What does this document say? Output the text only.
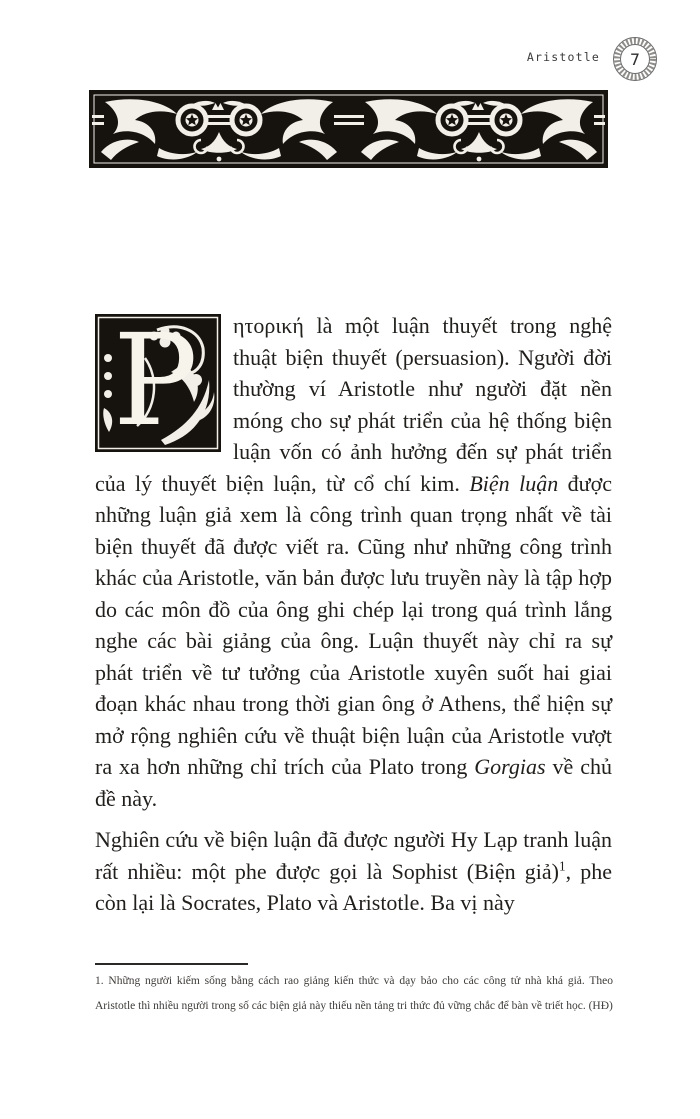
Aristotle 7

P ητορική là một luận thuyết trong nghệ thuật biện thuyết (persuasion). Người đời thường ví Aristotle như người đặt nền móng cho sự phát triển của hệ thống biện luận vốn có ảnh hưởng đến sự phát triển của lý thuyết biện luận, từ cổ chí kim. Biện luận được những luận giả xem là công trình quan trọng nhất về tài biện thuyết đã được viết ra. Cũng như những công trình khác của Aristotle, văn bản được lưu truyền này là tập hợp do các môn đồ của ông ghi chép lại trong quá trình lắng nghe các bài giảng của ông. Luận thuyết này chỉ ra sự phát triển về tư tưởng của Aristotle xuyên suốt hai giai đoạn khác nhau trong thời gian ông ở Athens, thể hiện sự mở rộng nghiên cứu về thuật biện luận của Aristotle vượt ra xa hơn những chỉ trích của Plato trong Gorgias về chủ đề này.

Nghiên cứu về biện luận đã được người Hy Lạp tranh luận rất nhiều: một phe được gọi là Sophist (Biện giả)$^1$, phe còn lại là Socrates, Plato và Aristotle. Ba vị này

1. Những người kiếm sống bằng cách rao giảng kiến thức và dạy bảo cho các công tử nhà khá giả. Theo Aristotle thì nhiều người trong số các biện giả này thiếu nền tảng tri thức đủ vững chắc để bàn về triết học. (HĐ)
